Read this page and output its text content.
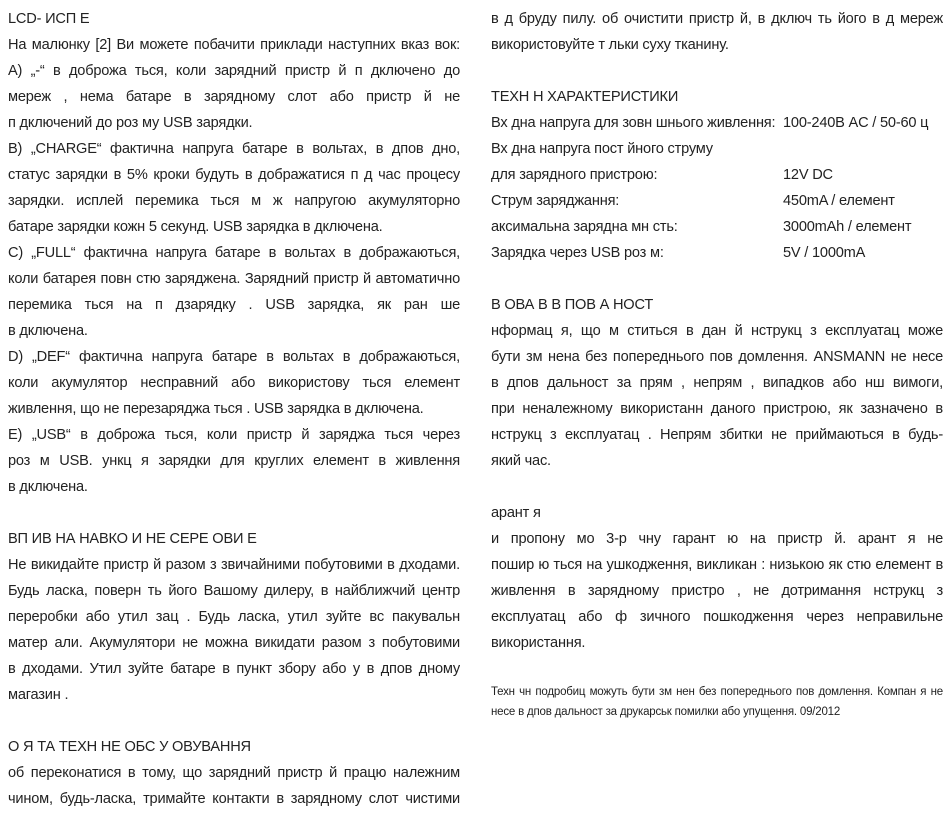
LCD- ИСП Е
На малюнку [2] Ви можете побачити приклади наступних вказ вок:
A) „-“ в доброжа ться, коли зарядний пристр й п дключено до
мереж , нема батаре в зарядному слот або пристр й не
п дключений до роз му USB зарядки.
B) „CHARGE“ фактична напруга батаре в вольтах, в дпов дно,
статус зарядки в 5% кроки будуть в дображатися п д час процесу
зарядки. исплей перемика ться м ж напругою акумуляторно
батаре зарядки кожн 5 секунд. USB зарядка в дключена.
C) „FULL“ фактична напруга батаре в вольтах в дображаються,
коли батарея повн стю заряджена. Зарядний пристр й автоматично
перемика ться на п дзарядку . USB зарядка, як ран ше
в дключена.
D) „DEF“ фактична напруга батаре в вольтах в дображаються,
коли акумулятор несправний або використову ться елемент
живлення, що не перезаряджа ться . USB зарядка в дключена.
E) „USB“ в доброжа ться, коли пристр й заряджа ться через
роз м USB. ункц я зарядки для круглих елемент в живлення
в дключена.
ВП ИВ НА НАВКО И НЕ СЕРЕ ОВИ Е
Не викидайте пристр й разом з звичайними побутовими в дходами.
Будь ласка, поверн ть його Вашому дилеру, в найближчий центр
переробки або утил зац . Будь ласка, утил зуйте вс пакувальн
матер али. Акумулятори не можна викидати разом з побутовими
в дходами. Утил зуйте батаре в пункт збору або у в дпов дному
магазин .
О Я ТА ТЕХН НЕ ОБС У ОВУВАННЯ
об переконатися в тому, що зарядний пристр й працю належним
чином, будь-ласка, тримайте контакти в зарядному слот чистими
в д бруду пилу. об очистити пристр й, в дключ ть його в д мереж
використовуйте т льки суху тканину.
ТЕХН Н ХАРАКТЕРИСТИКИ
Вх дна напруга для зовн шнього живлення: 100-240В AC / 50-60 ц
Вх дна напруга пост йного струму
для зарядного пристрою:	12V DC
Струм заряджання:	450mA / елемент
аксимальна зарядна мн сть:	3000mAh / елемент
Зарядка через USB роз м:	5V / 1000mA
В ОВА В В ПОВ А НОСТ
нформац я, що м ститься в дан й нструкц з експлуатац може
бути зм нена без попереднього пов домлення. ANSMANN не несе
в дпов дальност за прям , непрям , випадков або нш вимоги,
при неналежному використанн даного пристрою, як зазначено в
нструкц з експлуатац . Непрям збитки не приймаються в будь-
який час.
арант я
и пропону мо 3-р чну гарант ю на пристр й. арант я не
пошир ю ться на ушкодження, викликан : низькою як стю елемент в
живлення в зарядному пристро , не дотримання нструкц з
експлуатац або ф зичного пошкодження через неправильне
використання.
Техн чн подробиц можуть бути зм нен без попереднього пов домлення. Компан я не
несе в дпов дальност за друкарськ помилки або упущення. 09/2012
